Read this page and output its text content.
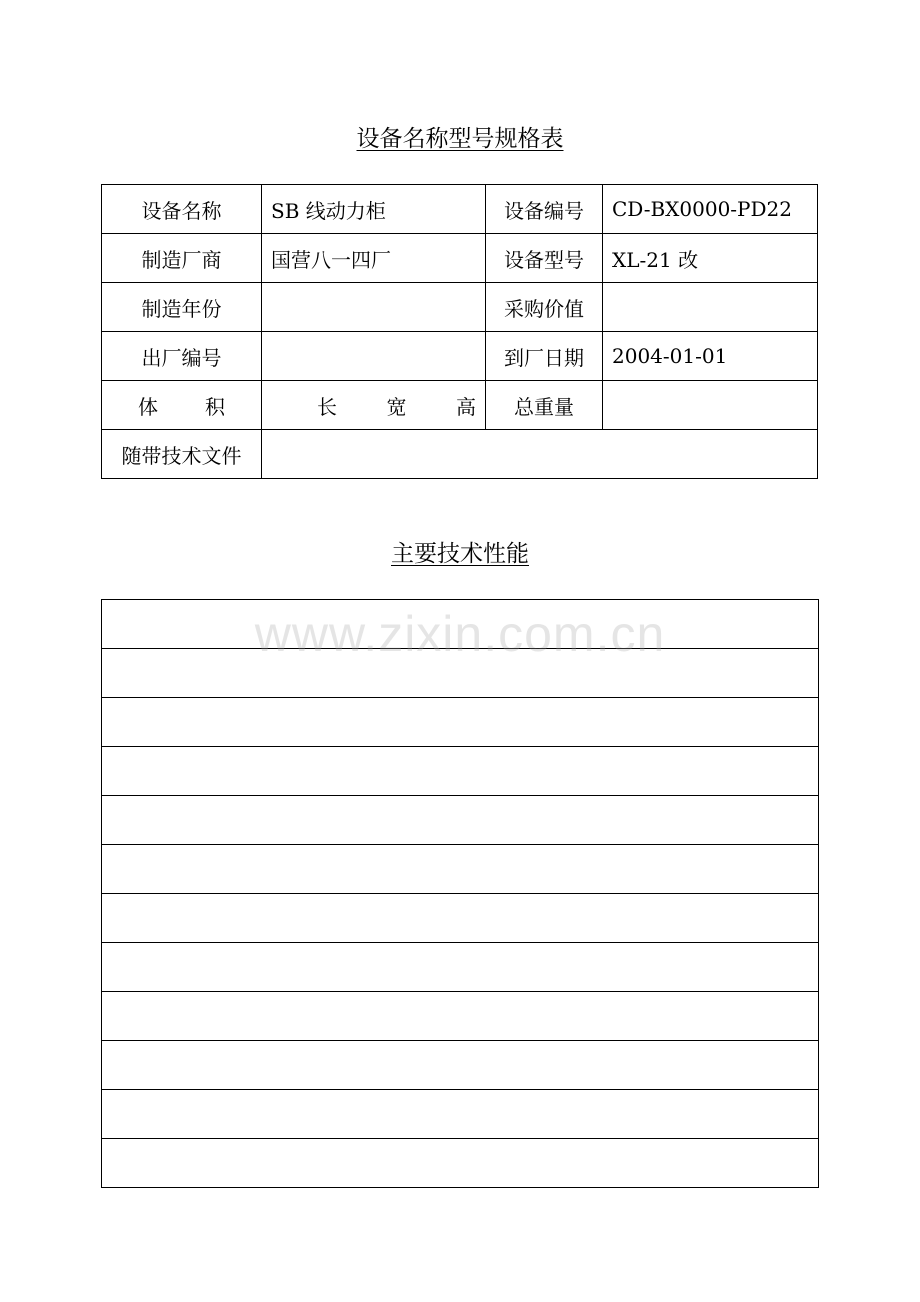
设备名称型号规格表
设备名称	SB 线动力柜	设备编号	CD-BX0000-PD22
制造厂商	国营八一四厂	设备型号	XL-21 改
制造年份		采购价值	
出厂编号		到厂日期	2004-01-01

体 积	长 宽 高	总重量	
随带技术文件			
主要技术性能

www.zixin.com.cn
